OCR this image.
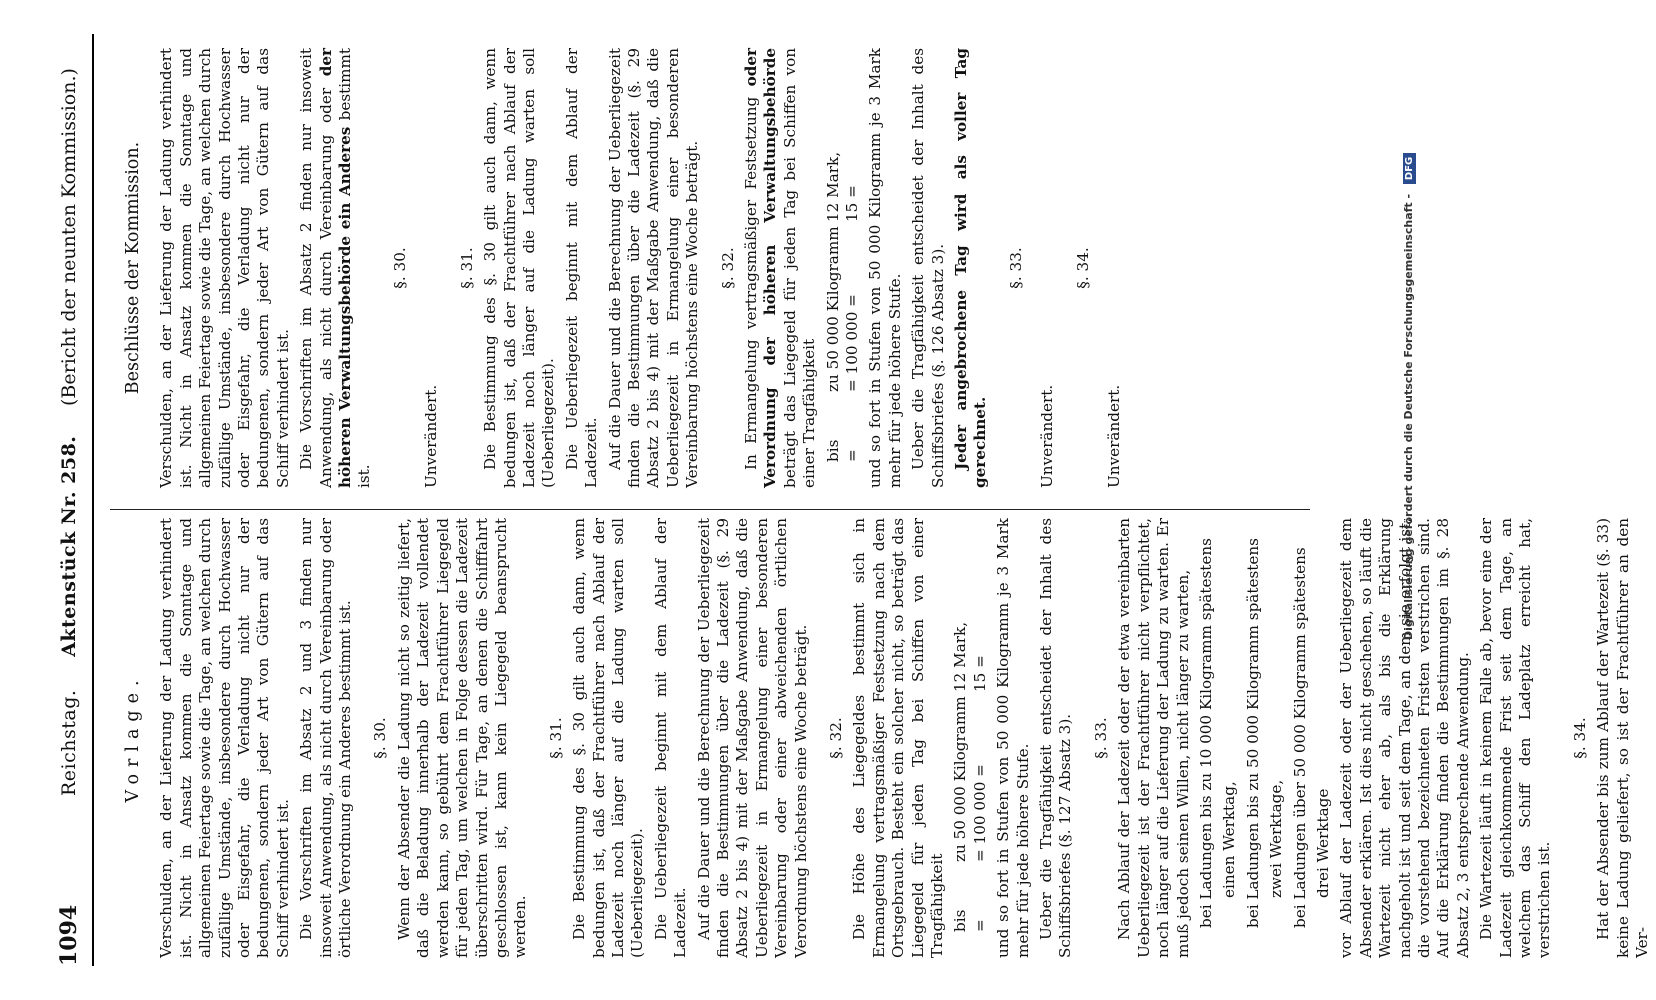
1094
Reichstag.     Aktenstück Nr. 258.
(Bericht der neunten Kommission.)
Vorlage. Verschulden, an der Lieferung der Ladung verhindert ist. Nicht in Ansatz kommen die Sonntage und allgemeinen Feiertage sowie die Tage, an welchen durch zufällige Umstände, insbesondere durch Hochwasser oder Eisgefahr, die Verladung nicht nur der bedungenen, sondern jeder Art von Gütern auf das Schiff verhindert ist. Die Vorschriften im Absatz 2 und 3 finden nur insoweit Anwendung, als nicht durch Vereinbarung oder örtliche Verordnung ein Anderes bestimmt ist. §. 30. Wenn der Absender die Ladung nicht so zeitig liefert, daß die Beladung innerhalb der Ladezeit vollendet werden kann, so gebührt dem Frachtführer Liegegeld für jeden Tag, um welchen in Folge dessen die Ladezeit überschritten wird. Für Tage, an denen die Schifffahrt geschlossen ist, kann kein Liegegeld beansprucht werden.

§. 31. Die Bestimmung des §. 30 gilt auch dann, wenn bedungen ist, daß der Frachtführer nach Ablauf der Ladezeit noch länger auf die Ladung warten soll (Ueberliegezeit). Die Ueberliegezeit beginnt mit dem Ablauf der Ladezeit. Auf die Dauer und die Berechnung der Ueberliegezeit finden die Bestimmungen über die Ladezeit (§. 29 Absatz 2 bis 4) mit der Maßgabe Anwendung, daß die Ueberliegezeit in Ermangelung einer besonderen Vereinbarung oder einer abweichenden örtlichen Verordnung höchstens eine Woche beträgt. §. 32. Die Höhe des Liegegeldes bestimmt sich in Ermangelung vertragsmäßiger Festsetzung nach dem Ortsgebrauch. Besteht ein solcher nicht, so beträgt das Liegegeld für jeden Tag bei Schiffen von einer Tragfähigkeit bis
zu 50 000 Kilogramm
12 Mark,
=
= 100 000 =
15 = und so fort in Stufen von 50 000 Kilogramm je 3 Mark mehr für jede höhere Stufe. Ueber die Tragfähigkeit entscheidet der Inhalt des Schiffsbriefes (§. 127 Absatz 3). §. 33. Nach Ablauf der Ladezeit oder der etwa vereinbarten Ueberliegezeit ist der Frachtführer nicht verpflichtet, noch länger auf die Lieferung der Ladung zu warten. Er muß jedoch seinen Willen, nicht länger zu warten, bei Ladungen bis zu 10 000 Kilogramm spätestens einen Werktag, bei Ladungen bis zu 50 000 Kilogramm spätestens zwei Werktage, bei Ladungen über 50 000 Kilogramm spätestens drei Werktage vor Ablauf der Ladezeit oder der Ueberliegezeit dem Absender erklären. Ist dies nicht geschehen, so läuft die Wartezeit nicht eher ab, als bis die Erklärung nachgeholt ist und seit dem Tage, an dem sie erfolgt ist, die vorstehend bezeichneten Fristen verstrichen sind. Auf die Erklärung finden die Bestimmungen im §. 28 Absatz 2, 3 entsprechende Anwendung. Die Wartezeit läuft in keinem Falle ab, bevor eine der Ladezeit gleichkommende Frist seit dem Tage, an welchem das Schiff den Ladeplatz erreicht hat, verstrichen ist.

§. 34. Hat der Absender bis zum Ablauf der Wartezeit (§. 33) keine Ladung geliefert, so ist der Frachtführer an den Ver-

Beschlüsse der Kommission. Verschulden, an der Lieferung der Ladung verhindert ist. Nicht in Ansatz kommen die Sonntage und allgemeinen Feiertage sowie die Tage, an welchen durch zufällige Umstände, insbesondere durch Hochwasser oder Eisgefahr, die Verladung nicht nur der bedungenen, sondern jeder Art von Gütern auf das Schiff verhindert ist. Die Vorschriften im Absatz 2 finden nur insoweit Anwendung, als nicht durch Vereinbarung oder der höheren Verwaltungsbehörde ein Anderes bestimmt ist.

§. 30.

Unverändert.

§. 31. Die Bestimmung des §. 30 gilt auch dann, wenn bedungen ist, daß der Frachtführer nach Ablauf der Ladezeit noch länger auf die Ladung warten soll (Ueberliegezeit). Die Ueberliegezeit beginnt mit dem Ablauf der Ladezeit. Auf die Dauer und die Berechnung der Ueberliegezeit finden die Bestimmungen über die Ladezeit (§. 29 Absatz 2 bis 4) mit der Maßgabe Anwendung, daß die Ueberliegezeit in Ermangelung einer besonderen Vereinbarung höchstens eine Woche beträgt. §. 32. In Ermangelung vertragsmäßiger Festsetzung oder Verordnung der höheren Verwaltungsbehörde beträgt das Liegegeld für jeden Tag bei Schiffen von einer Tragfähigkeit bis
zu 50 000 Kilogramm
12 Mark,
=
= 100 000 =
15 = und so fort in Stufen von 50 000 Kilogramm je 3 Mark mehr für jede höhere Stufe. Ueber die Tragfähigkeit entscheidet der Inhalt des Schiffsbriefes (§. 126 Absatz 3). Jeder angebrochene Tag wird als voller Tag gerechnet.

§. 33.

Unverändert.

§. 34.

Unverändert.	Digitalisierung gefördert durch die Deutsche Forschungsgemeinschaft - DFG
